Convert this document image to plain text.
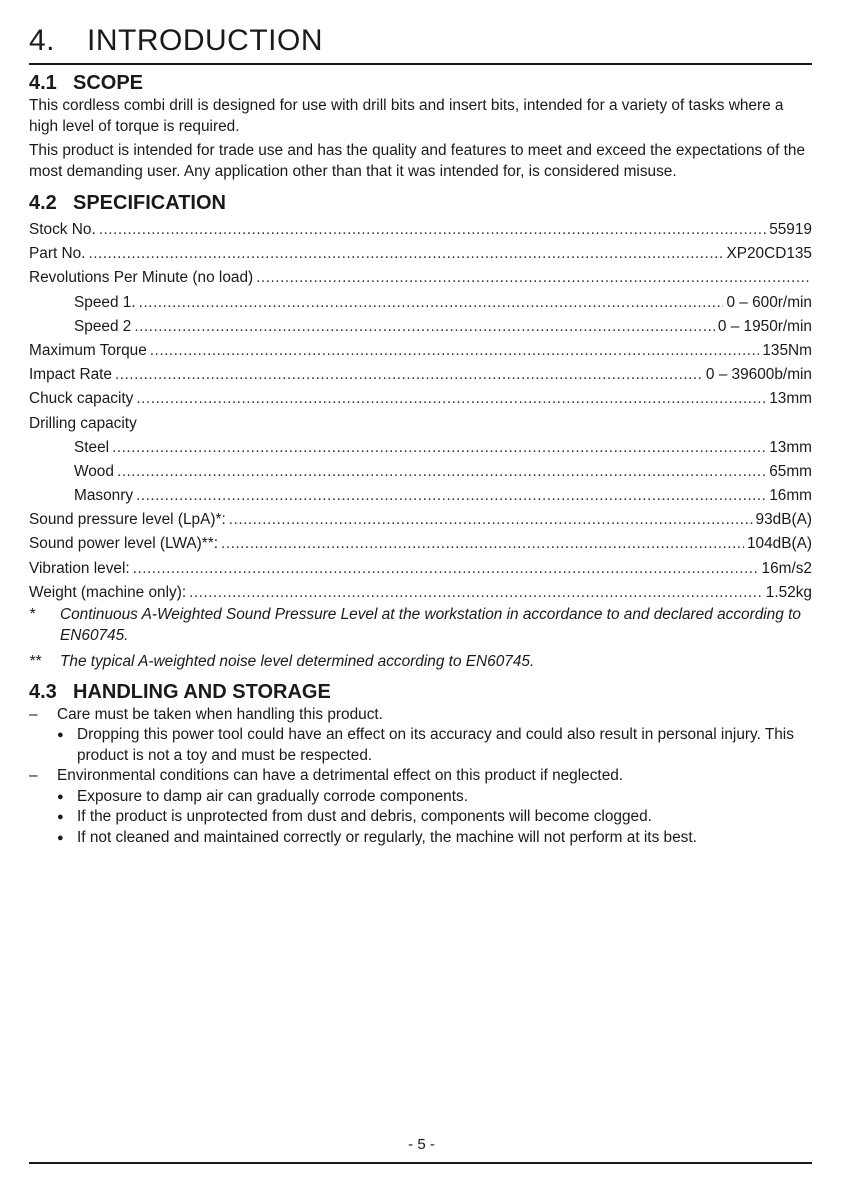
4. INTRODUCTION
4.1 SCOPE

This cordless combi drill is designed for use with drill bits and insert bits, intended for a variety of tasks where a high level of torque is required.

This product is intended for trade use and has the quality and features to meet and exceed the expectations of the most demanding user. Any application other than that it was intended for, is considered misuse.

4.2 SPECIFICATION
Stock No. .....	55919
Part No. .....	XP20CD135
Revolutions Per Minute (no load)
.....
Speed 1. .....	0 – 600r/min
Speed 2 .....	0 – 1950r/min
Maximum Torque .....	135Nm
Impact Rate .....	0 – 39600b/min
Chuck capacity .....	13mm
Drilling capacity
Steel .....	13mm
Wood .....	65mm
Masonry .....	16mm
Sound pressure level (LpA)*: .....	93dB(A)
Sound power level (LWA)**: .....	104dB(A)
Vibration level: .....	16m/s2
Weight (machine only): .....	1.52kg
*	Continuous A-Weighted Sound Pressure Level at the workstation in accordance to and declared according to EN60745.
**	The typical A-weighted noise level determined according to EN60745.
4.3 HANDLING AND STORAGE
–	Care must be taken when handling this product.
● Dropping this power tool could have an effect on its accuracy and could also result in personal injury. This product is not a toy and must be respected.
–	Environmental conditions can have a detrimental effect on this product if neglected.
● Exposure to damp air can gradually corrode components.
● If the product is unprotected from dust and debris, components will become clogged.
● If not cleaned and maintained correctly or regularly, the machine will not perform at its best.
- 5 -
